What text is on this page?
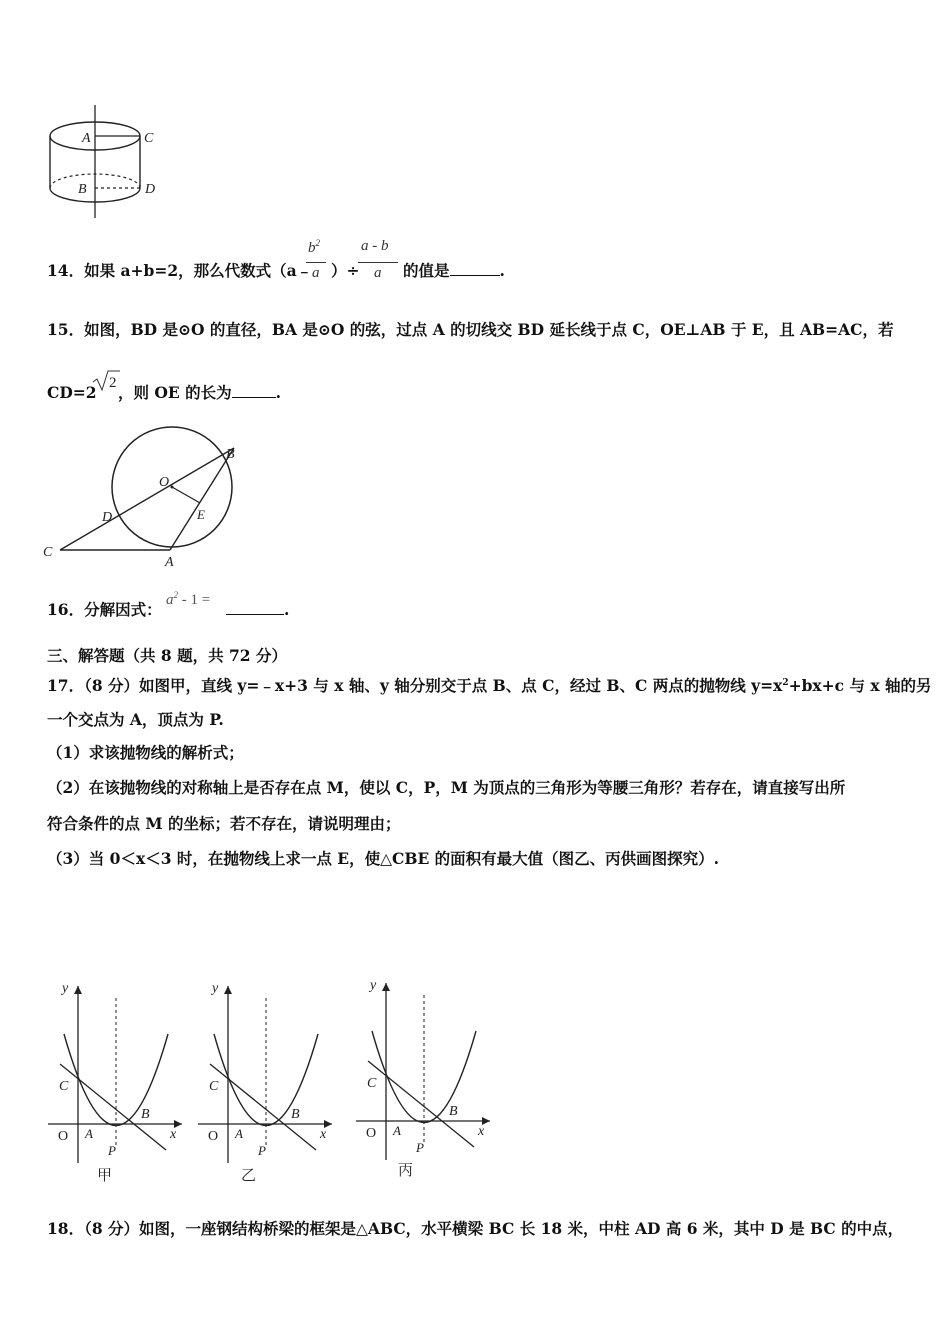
A	C
B	D
14．如果 a+b=2，那么代数式（a﹣
$b^2$
a ）÷
a - b
a 的值是	.
15．如图，BD 是⊙O 的直径，BA 是⊙O 的弦，过点 A 的切线交 BD 延长线于点 C，OE⊥AB 于 E，且 AB=AC，若
CD=2 2 ，则 OE 的长为	.
B
O
D	E
C
A
16．分解因式： $a^2 - 1$ =	.
三、解答题（共 8 题，共 72 分）
17．（8 分）如图甲，直线 y=﹣x+3 与 x 轴、y 轴分别交于点 B、点 C，经过 B、C 两点的抛物线 $y=x^2+bx+c$ 与 x 轴的另
一个交点为 A，顶点为 P.
（1）求该抛物线的解析式；
（2）在该抛物线的对称轴上是否存在点 M，使以 C，P，M 为顶点的三角形为等腰三角形？若存在，请直接写出所
符合条件的点 M 的坐标；若不存在，请说明理由；
（3）当 0＜x＜3 时，在抛物线上求一点 E，使△CBE 的面积有最大值（图乙、丙供画图探究）.
y
x
O
C
A
B
P
甲
y
x
O
C
A
B
P
乙
y
x
O
C
A
B
P
丙
18．（8 分）如图，一座钢结构桥梁的框架是△ABC，水平横梁 BC 长 18 米，中柱 AD 高 6 米，其中 D 是 BC 的中点，
